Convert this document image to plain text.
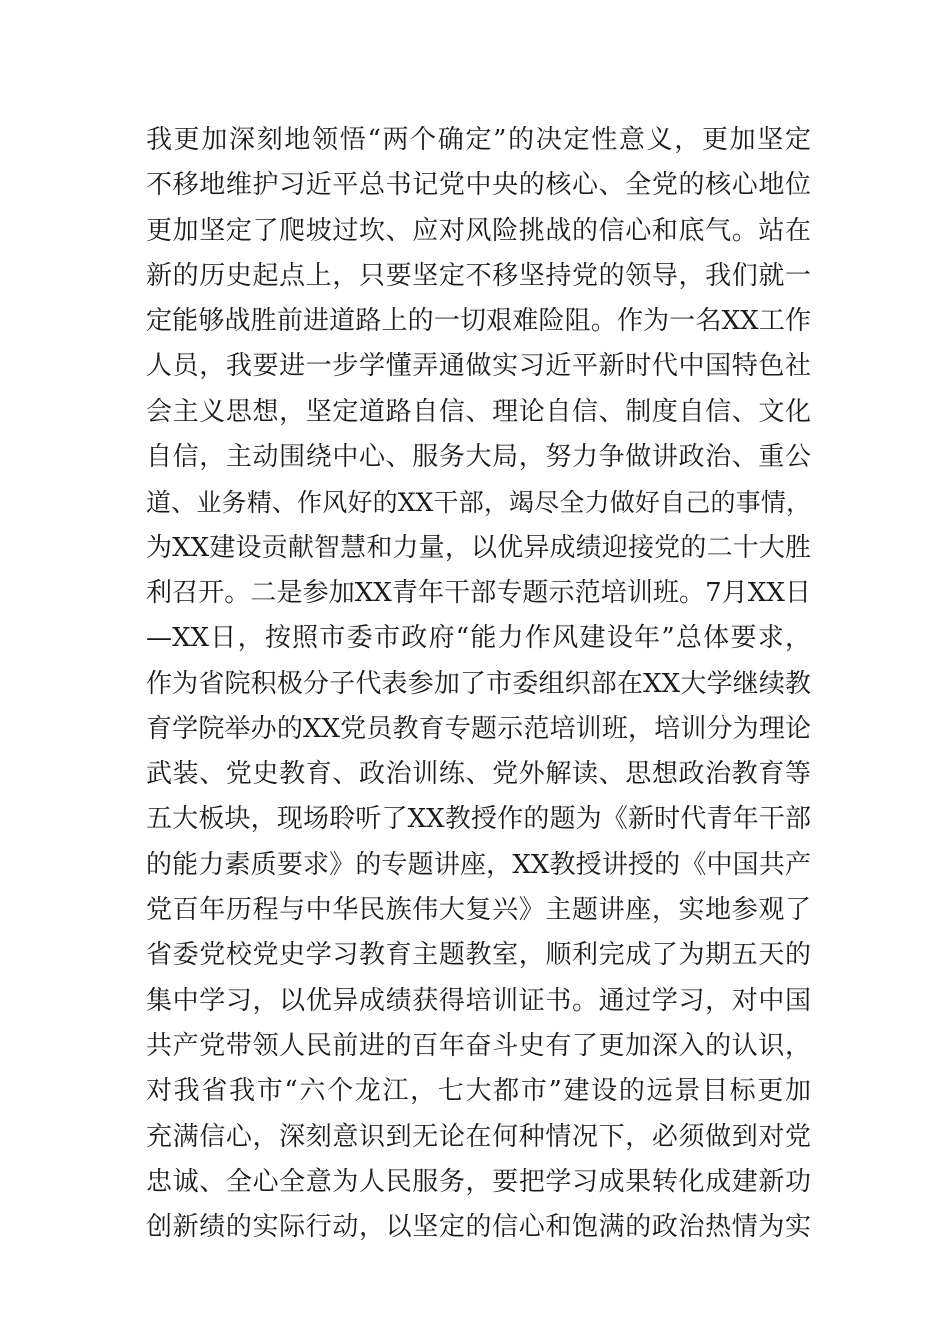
我更加深刻地领悟“两个确定”的决定性意义，更加坚定
不移地维护习近平总书记党中央的核心、全党的核心地位
更加坚定了爬坡过坎、应对风险挑战的信心和底气。站在
新的历史起点上，只要坚定不移坚持党的领导，我们就一
定能够战胜前进道路上的一切艰难险阻。作为一名XX工作
人员，我要进一步学懂弄通做实习近平新时代中国特色社
会主义思想，坚定道路自信、理论自信、制度自信、文化
自信，主动围绕中心、服务大局，努力争做讲政治、重公
道、业务精、作风好的XX干部，竭尽全力做好自己的事情，
为XX建设贡献智慧和力量，以优异成绩迎接党的二十大胜
利召开。二是参加XX青年干部专题示范培训班。7月XX日
—XX日，按照市委市政府“能力作风建设年”总体要求，
作为省院积极分子代表参加了市委组织部在XX大学继续教
育学院举办的XX党员教育专题示范培训班，培训分为理论
武装、党史教育、政治训练、党外解读、思想政治教育等
五大板块，现场聆听了XX教授作的题为《新时代青年干部
的能力素质要求》的专题讲座，XX教授讲授的《中国共产
党百年历程与中华民族伟大复兴》主题讲座，实地参观了
省委党校党史学习教育主题教室，顺利完成了为期五天的
集中学习，以优异成绩获得培训证书。通过学习，对中国
共产党带领人民前进的百年奋斗史有了更加深入的认识，
对我省我市“六个龙江，七大都市”建设的远景目标更加
充满信心，深刻意识到无论在何种情况下，必须做到对党
忠诚、全心全意为人民服务，要把学习成果转化成建新功
创新绩的实际行动，以坚定的信心和饱满的政治热情为实
